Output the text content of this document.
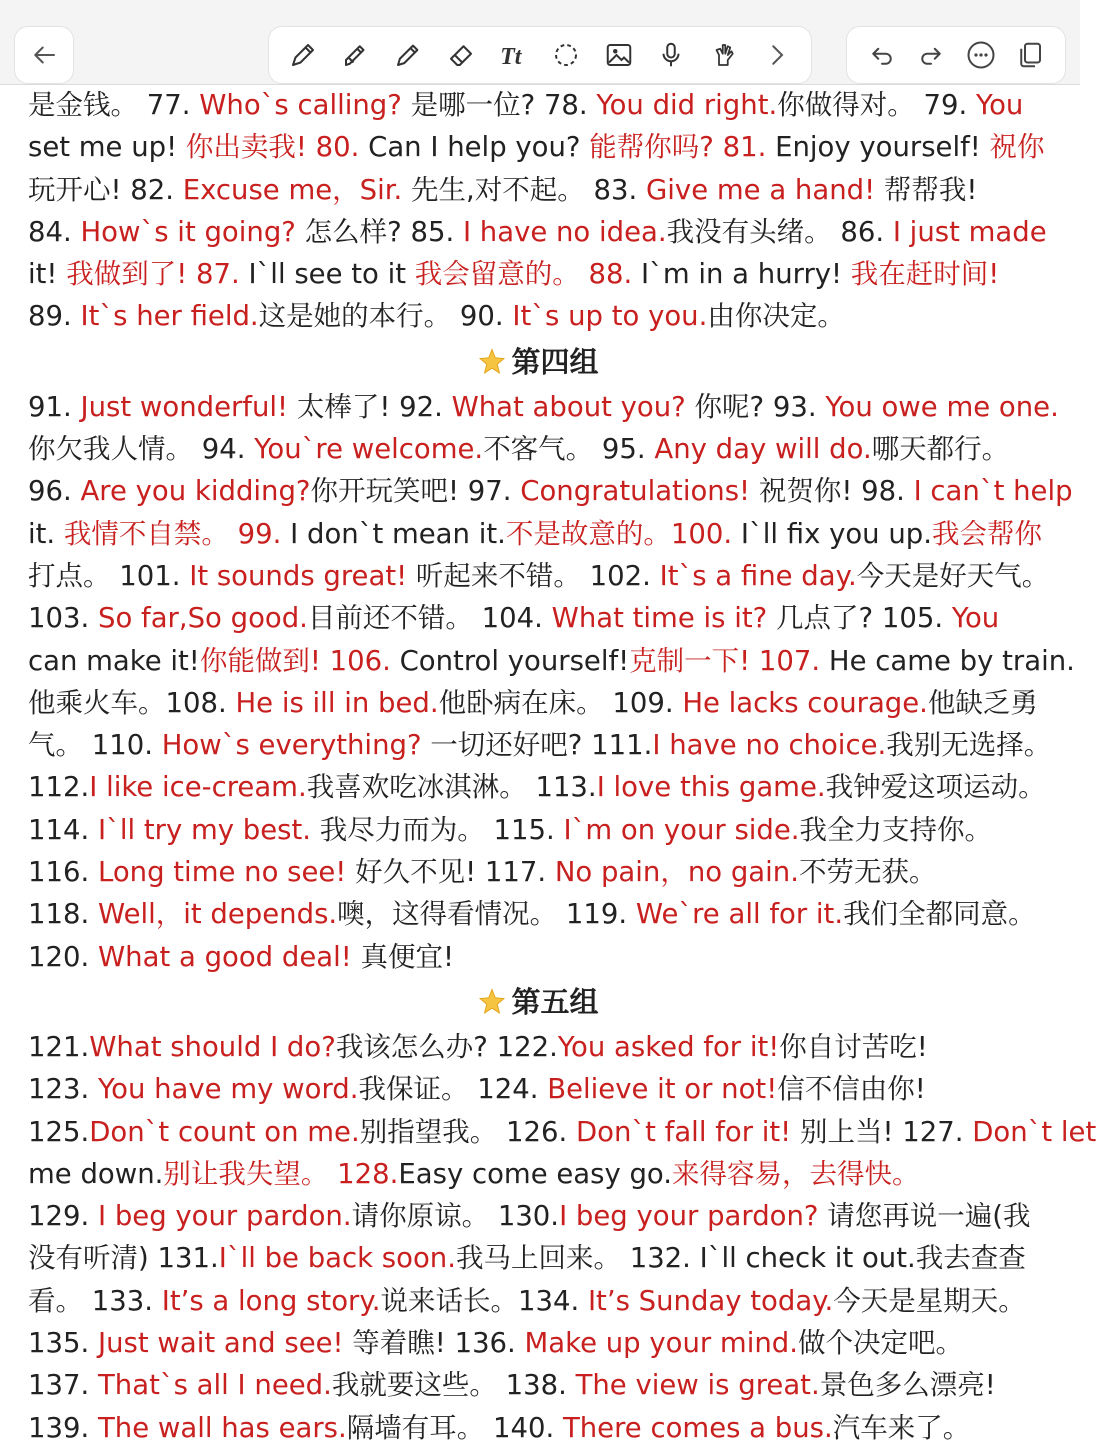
Tt
是金钱。 77. Who`s calling? 是哪一位? 78. You did right.你做得对。 79. You
set me up! 你出卖我! 80. Can I help you? 能帮你吗? 81. Enjoy yourself! 祝你
玩开心! 82. Excuse me，Sir. 先生,对不起。 83. Give me a hand! 帮帮我!
84. How`s it going? 怎么样? 85. I have no idea.我没有头绪。 86. I just made
it! 我做到了! 87. I`ll see to it 我会留意的。 88. I`m in a hurry! 我在赶时间!
89. It`s her field.这是她的本行。 90. It`s up to you.由你决定。
第四组
91. Just wonderful! 太棒了! 92. What about you? 你呢? 93. You owe me one.
你欠我人情。 94. You`re welcome.不客气。 95. Any day will do.哪天都行。
96. Are you kidding?你开玩笑吧! 97. Congratulations! 祝贺你! 98. I can`t help
it. 我情不自禁。 99. I don`t mean it.不是故意的。100. I`ll fix you up.我会帮你
打点。 101. It sounds great! 听起来不错。 102. It`s a fine day.今天是好天气。
103. So far,So good.目前还不错。 104. What time is it? 几点了? 105. You
can make it!你能做到! 106. Control yourself!克制一下! 107. He came by train.
他乘火车。108. He is ill in bed.他卧病在床。 109. He lacks courage.他缺乏勇
气。 110. How`s everything? 一切还好吧? 111.I have no choice.我别无选择。
112.I like ice-cream.我喜欢吃冰淇淋。 113.I love this game.我钟爱这项运动。
114. I`ll try my best. 我尽力而为。 115. I`m on your side.我全力支持你。
116. Long time no see! 好久不见! 117. No pain，no gain.不劳无获。
118. Well，it depends.噢，这得看情况。 119. We`re all for it.我们全都同意。
120. What a good deal! 真便宜!
第五组
121.What should I do?我该怎么办? 122.You asked for it!你自讨苦吃!
123. You have my word.我保证。 124. Believe it or not!信不信由你!
125.Don`t count on me.别指望我。 126. Don`t fall for it! 别上当! 127. Don`t let
me down.别让我失望。 128.Easy come easy go.来得容易，去得快。
129. I beg your pardon.请你原谅。 130.I beg your pardon? 请您再说一遍(我
没有听清) 131.I`ll be back soon.我马上回来。 132. I`ll check it out.我去查查
看。 133. It’s a long story.说来话长。134. It’s Sunday today.今天是星期天。
135. Just wait and see! 等着瞧! 136. Make up your mind.做个决定吧。
137. That`s all I need.我就要这些。 138. The view is great.景色多么漂亮!
139. The wall has ears.隔墙有耳。 140. There comes a bus.汽车来了。
